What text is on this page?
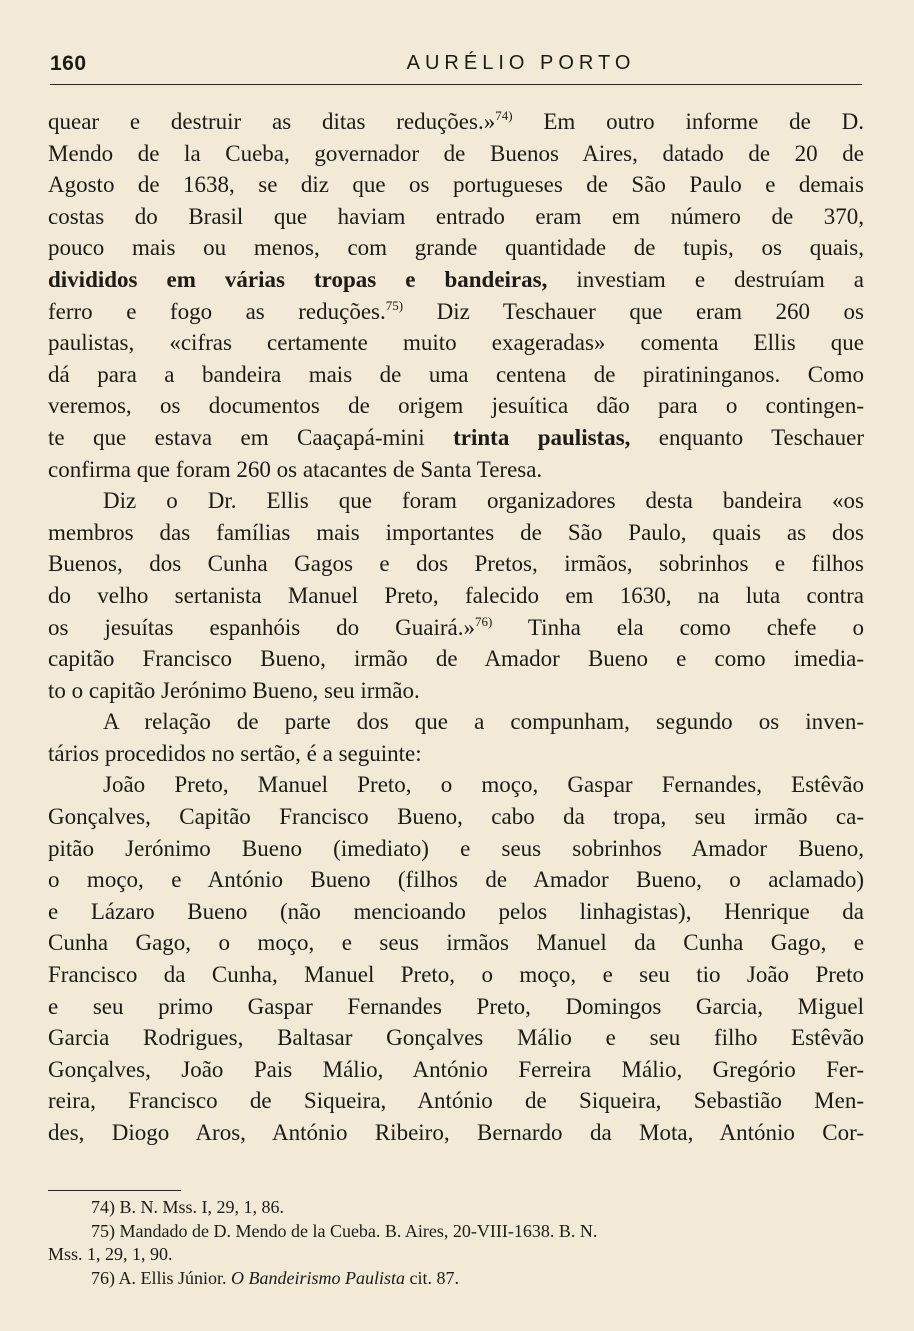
160	AURÉLIO PORTO
quear e destruir as ditas reduções.»$^{74)}$ Em outro informe de D.
Mendo de la Cueba, governador de Buenos Aires, datado de 20 de
Agosto de 1638, se diz que os portugueses de São Paulo e demais
costas do Brasil que haviam entrado eram em número de 370,
pouco mais ou menos, com grande quantidade de tupis, os quais,
divididos em várias tropas e bandeiras, investiam e destruíam a
ferro e fogo as reduções.$^{75)}$ Diz Teschauer que eram 260 os
paulistas, «cifras certamente muito exageradas» comenta Ellis que
dá para a bandeira mais de uma centena de piratininganos. Como
veremos, os documentos de origem jesuítica dão para o contingen-
te que estava em Caaçapá-mini trinta paulistas, enquanto Teschauer
confirma que foram 260 os atacantes de Santa Teresa.
Diz o Dr. Ellis que foram organizadores desta bandeira «os
membros das famílias mais importantes de São Paulo, quais as dos
Buenos, dos Cunha Gagos e dos Pretos, irmãos, sobrinhos e filhos
do velho sertanista Manuel Preto, falecido em 1630, na luta contra
os jesuítas espanhóis do Guairá.»$^{76)}$ Tinha ela como chefe o
capitão Francisco Bueno, irmão de Amador Bueno e como imedia-
to o capitão Jerónimo Bueno, seu irmão.
A relação de parte dos que a compunham, segundo os inven-
tários procedidos no sertão, é a seguinte:
João Preto, Manuel Preto, o moço, Gaspar Fernandes, Estêvão
Gonçalves, Capitão Francisco Bueno, cabo da tropa, seu irmão ca-
pitão Jerónimo Bueno (imediato) e seus sobrinhos Amador Bueno,
o moço, e António Bueno (filhos de Amador Bueno, o aclamado)
e Lázaro Bueno (não mencioando pelos linhagistas), Henrique da
Cunha Gago, o moço, e seus irmãos Manuel da Cunha Gago, e
Francisco da Cunha, Manuel Preto, o moço, e seu tio João Preto
e seu primo Gaspar Fernandes Preto, Domingos Garcia, Miguel
Garcia Rodrigues, Baltasar Gonçalves Málio e seu filho Estêvão
Gonçalves, João Pais Málio, António Ferreira Málio, Gregório Fer-
reira, Francisco de Siqueira, António de Siqueira, Sebastião Men-
des, Diogo Aros, António Ribeiro, Bernardo da Mota, António Cor-
74) B. N. Mss. I, 29, 1, 86.
75) Mandado de D. Mendo de la Cueba. B. Aires, 20-VIII-1638. B. N.
Mss. 1, 29, 1, 90.
76) A. Ellis Júnior. O Bandeirismo Paulista cit. 87.
